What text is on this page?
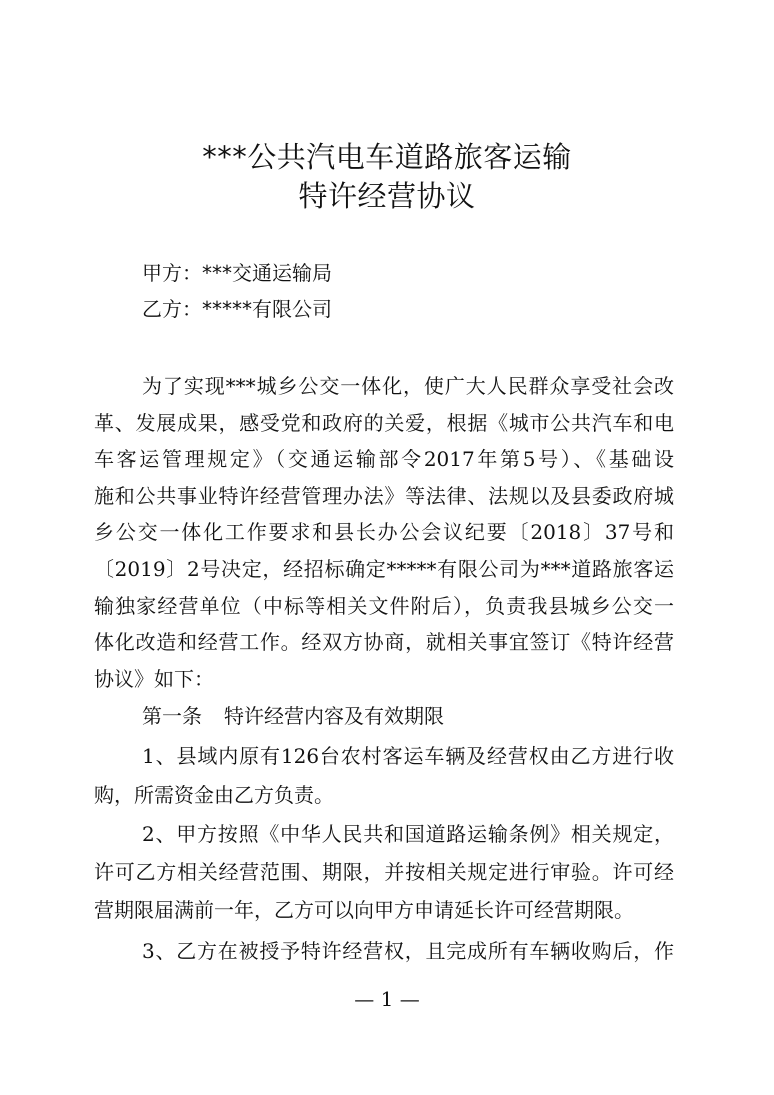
***公共汽电车道路旅客运输
特许经营协议
甲方：***交通运输局
乙方：*****有限公司
为了实现***城乡公交一体化，使广大人民群众享受社会改
革、发展成果，感受党和政府的关爱，根据《城市公共汽车和电
车客运管理规定》（交通运输部令2017年第5号）、《基础设
施和公共事业特许经营管理办法》等法律、法规以及县委政府城
乡公交一体化工作要求和县长办公会议纪要〔2018〕37号和
〔2019〕2号决定，经招标确定*****有限公司为***道路旅客运
输独家经营单位（中标等相关文件附后），负责我县城乡公交一
体化改造和经营工作。经双方协商，就相关事宜签订《特许经营
协议》如下：
第一条 特许经营内容及有效期限
1、县域内原有126台农村客运车辆及经营权由乙方进行收
购，所需资金由乙方负责。
2、甲方按照《中华人民共和国道路运输条例》相关规定，
许可乙方相关经营范围、期限，并按相关规定进行审验。许可经
营期限届满前一年，乙方可以向甲方申请延长许可经营期限。
3、乙方在被授予特许经营权，且完成所有车辆收购后，作
— 1 —
